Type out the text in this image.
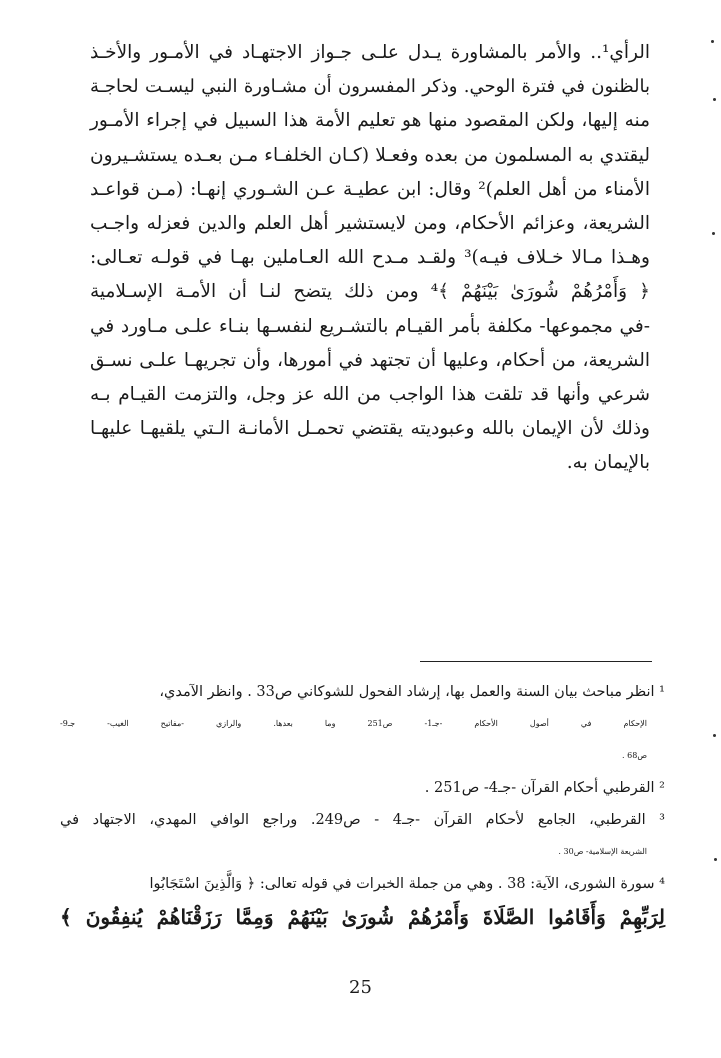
الرأي¹.. والأمر بالمشاورة يـدل علـى جـواز الاجتهـاد في الأمـور والأخـذ
بالظنون في فترة الوحي. وذكر المفسرون أن مشـاورة النبي ليسـت لحاجـة
منه إليها، ولكن المقصود منها هو تعليم الأمة هذا السبيل في إجراء الأمـور
ليقتدي به المسلمون من بعده وفعـلا (كـان الخلفـاء مـن بعـده يستشـيرون
الأمناء من أهل العلم)² وقال: ابن عطيـة عـن الشـوري إنهـا: (مـن قواعـد
الشريعة، وعزائم الأحكام، ومن لايستشير أهل العلم والدين فعزله واجـب
وهـذا مـالا خـلاف فيـه)³ ولقـد مـدح الله العـاملين بهـا في قولـه تعـالى:
﴿ وَأَمْرُهُمْ شُورَىٰ بَيْنَهُمْ ﴾⁴ ومن ذلك يتضح لنـا أن الأمـة الإسـلامية
-في مجموعها- مكلفة بأمر القيـام بالتشـريع لنفسـها بنـاء علـى مـاورد في
الشريعة، من أحكام، وعليها أن تجتهد في أمورها، وأن تجريهـا علـى نسـق
شرعي وأنها قد تلقت هذا الواجب من الله عز وجل، والتزمت القيـام بـه
وذلك لأن الإيمان بالله وعبوديته يقتضي تحمـل الأمانـة الـتي يلقيهـا عليهـا
بالإيمان به.
¹ انظر مباحث بيان السنة والعمل بها، إرشاد الفحول للشوكاني ص33 . وانظر الآمدي،
الإحكام في أصول الأحكام -جـ1- ص251 وما بعدها. والرازي -مفاتيح الغيب- جـ9-
ص68 .
² القرطبي أحكام القرآن -جـ4- ص251 .
³ القرطبي، الجامع لأحكام القرآن -جـ4 - ص249. وراجع الوافي المهدي، الاجتهاد في
الشريعة الإسلامية- ص30 .
⁴ سورة الشورى، الآية: 38 . وهي من جملة الخبرات في قوله تعالى: ﴿ وَالَّذِينَ اسْتَجَابُوا
لِرَبِّهِمْ وَأَقَامُوا الصَّلَاةَ وَأَمْرُهُمْ شُورَىٰ بَيْنَهُمْ وَمِمَّا رَزَقْنَاهُمْ يُنفِقُونَ ﴾
25
